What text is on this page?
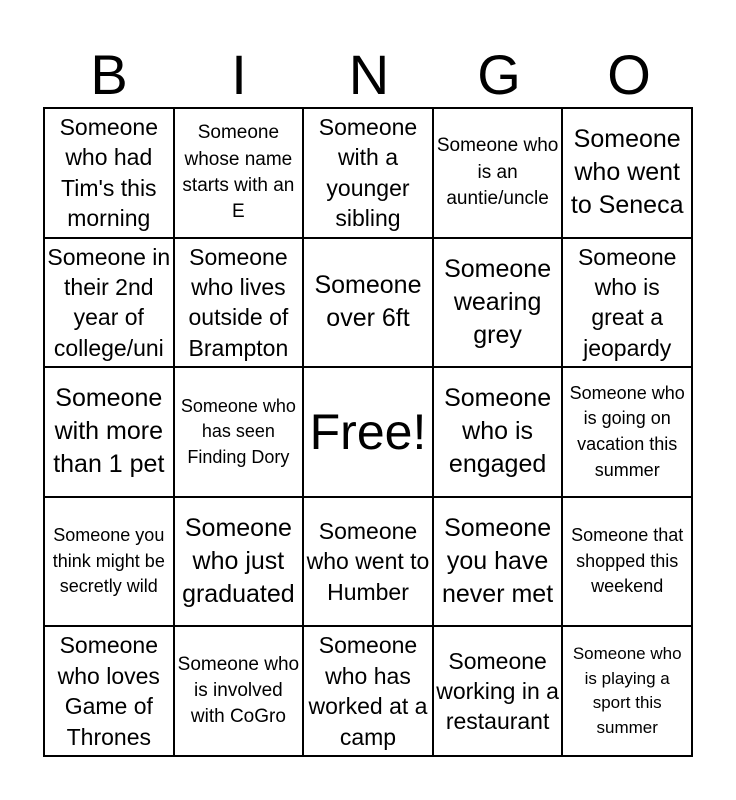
B	I	N	G	O
Someone who had Tim's this morning
Someone whose name starts with an E
Someone with a younger sibling
Someone who is an auntie/uncle
Someone who went to Seneca
Someone in their 2nd year of college/uni
Someone who lives outside of Brampton
Someone over 6ft
Someone wearing grey
Someone who is great a jeopardy
Someone with more than 1 pet
Someone who has seen Finding Dory Free!
Someone who is engaged
Someone who is going on vacation this summer
Someone you think might be secretly wild
Someone who just graduated
Someone who went to Humber
Someone you have never met
Someone that shopped this weekend
Someone who loves Game of Thrones
Someone who is involved with CoGro
Someone who has worked at a camp
Someone working in a restaurant
Someone who is playing a sport this summer
